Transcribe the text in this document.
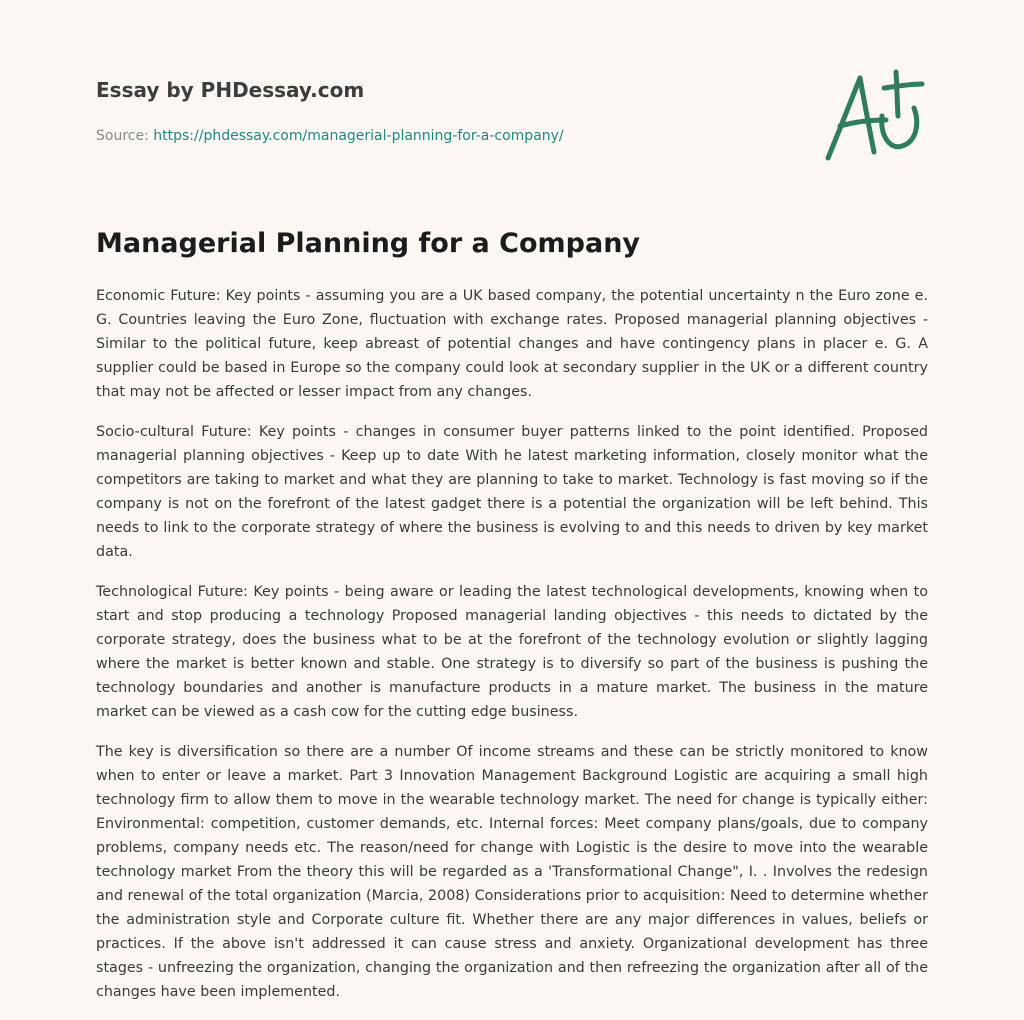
Essay by PHDessay.com
Source: https://phdessay.com/managerial-planning-for-a-company/
Managerial Planning for a Company

Economic Future: Key points - assuming you are a UK based company, the potential uncertainty n the Euro zone e. G. Countries leaving the Euro Zone, fluctuation with exchange rates. Proposed managerial planning objectives - Similar to the political future, keep abreast of potential changes and have contingency plans in placer e. G. A supplier could be based in Europe so the company could look at secondary supplier in the UK or a different country that may not be affected or lesser impact from any changes.

Socio-cultural Future: Key points - changes in consumer buyer patterns linked to the point identified. Proposed managerial planning objectives - Keep up to date With he latest marketing information, closely monitor what the competitors are taking to market and what they are planning to take to market. Technology is fast moving so if the company is not on the forefront of the latest gadget there is a potential the organization will be left behind. This needs to link to the corporate strategy of where the business is evolving to and this needs to driven by key market data.

Technological Future: Key points - being aware or leading the latest technological developments, knowing when to start and stop producing a technology Proposed managerial landing objectives - this needs to dictated by the corporate strategy, does the business what to be at the forefront of the technology evolution or slightly lagging where the market is better known and stable. One strategy is to diversify so part of the business is pushing the technology boundaries and another is manufacture products in a mature market. The business in the mature market can be viewed as a cash cow for the cutting edge business.

The key is diversification so there are a number Of income streams and these can be strictly monitored to know when to enter or leave a market. Part 3 Innovation Management Background Logistic are acquiring a small high technology firm to allow them to move in the wearable technology market. The need for change is typically either: Environmental: competition, customer demands, etc. Internal forces: Meet company plans/goals, due to company problems, company needs etc. The reason/need for change with Logistic is the desire to move into the wearable technology market From the theory this will be regarded as a 'Transformational Change", I. . Involves the redesign and renewal of the total organization (Marcia, 2008) Considerations prior to acquisition: Need to determine whether the administration style and Corporate culture fit. Whether there are any major differences in values, beliefs or practices. If the above isn't addressed it can cause stress and anxiety. Organizational development has three stages - unfreezing the organization, changing the organization and then refreezing the organization after all of the changes have been implemented.
